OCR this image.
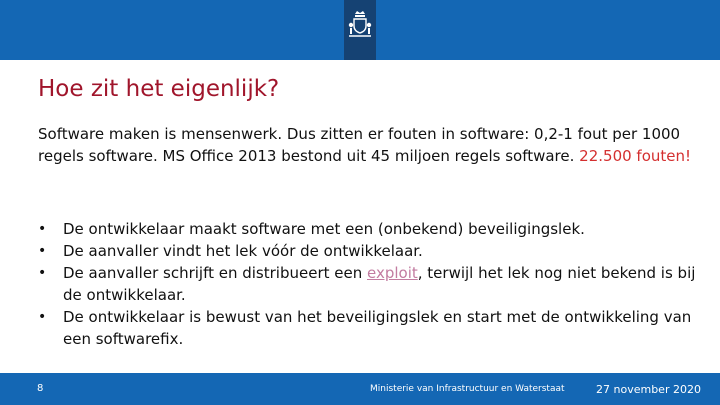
Hoe zit het eigenlijk?
Software maken is mensenwerk. Dus zitten er fouten in software: 0,2-1 fout per 1000 regels software. MS Office 2013 bestond uit 45 miljoen regels software. 22.500 fouten!
• De ontwikkelaar maakt software met een (onbekend) beveiligingslek.
• De aanvaller vindt het lek vóór de ontwikkelaar.
• De aanvaller schrijft en distribueert een exploit, terwijl het lek nog niet bekend is bij de ontwikkelaar.
• De ontwikkelaar is bewust van het beveiligingslek en start met de ontwikkeling van een softwarefix.
8	Ministerie van Infrastructuur en Waterstaat	27 november 2020
